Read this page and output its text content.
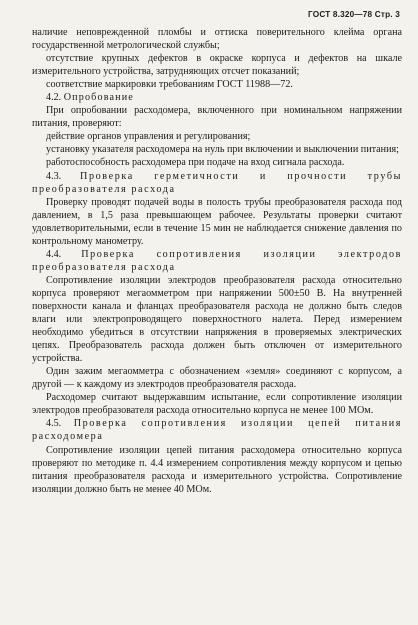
ГОСТ 8.320—78 Стр. 3

наличие неповрежденной пломбы и оттиска поверительного клейма органа государственной метрологической службы;

отсутствие крупных дефектов в окраске корпуса и дефектов на шкале измерительного устройства, затрудняющих отсчет показаний;

соответствие маркировки требованиям ГОСТ 11988—72.

4.2. Опробование

При опробовании расходомера, включенного при номинальном напряжении питания, проверяют:

действие органов управления и регулирования;

установку указателя расходомера на нуль при включении и выключении питания;

работоспособность расходомера при подаче на вход сигнала расхода.

4.3. Проверка герметичности и прочности трубы преобразователя расхода

Проверку проводят подачей воды в полость трубы преобразователя расхода под давлением, в 1,5 раза превышающем рабочее. Результаты проверки считают удовлетворительными, если в течение 15 мин не наблюдается снижение давления по контрольному манометру.

4.4. Проверка сопротивления изоляции электродов преобразователя расхода

Сопротивление изоляции электродов преобразователя расхода относительно корпуса проверяют мегаомметром при напряжении 500±50 В. На внутренней поверхности канала и фланцах преобразователя расхода не должно быть следов влаги или электропроводящего поверхностного налета. Перед измерением необходимо убедиться в отсутствии напряжения в проверяемых электрических цепях. Преобразователь расхода должен быть отключен от измерительного устройства.

Один зажим мегаомметра с обозначением «земля» соединяют с корпусом, а другой — к каждому из электродов преобразователя расхода.

Расходомер считают выдержавшим испытание, если сопротивление изоляции электродов преобразователя расхода относительно корпуса не менее 100 МОм.

4.5. Проверка сопротивления изоляции цепей питания расходомера

Сопротивление изоляции цепей питания расходомера относительно корпуса проверяют по методике п. 4.4 измерением сопротивления между корпусом и цепью питания преобразователя расхода и измерительного устройства. Сопротивление изоляции должно быть не менее 40 МОм.
